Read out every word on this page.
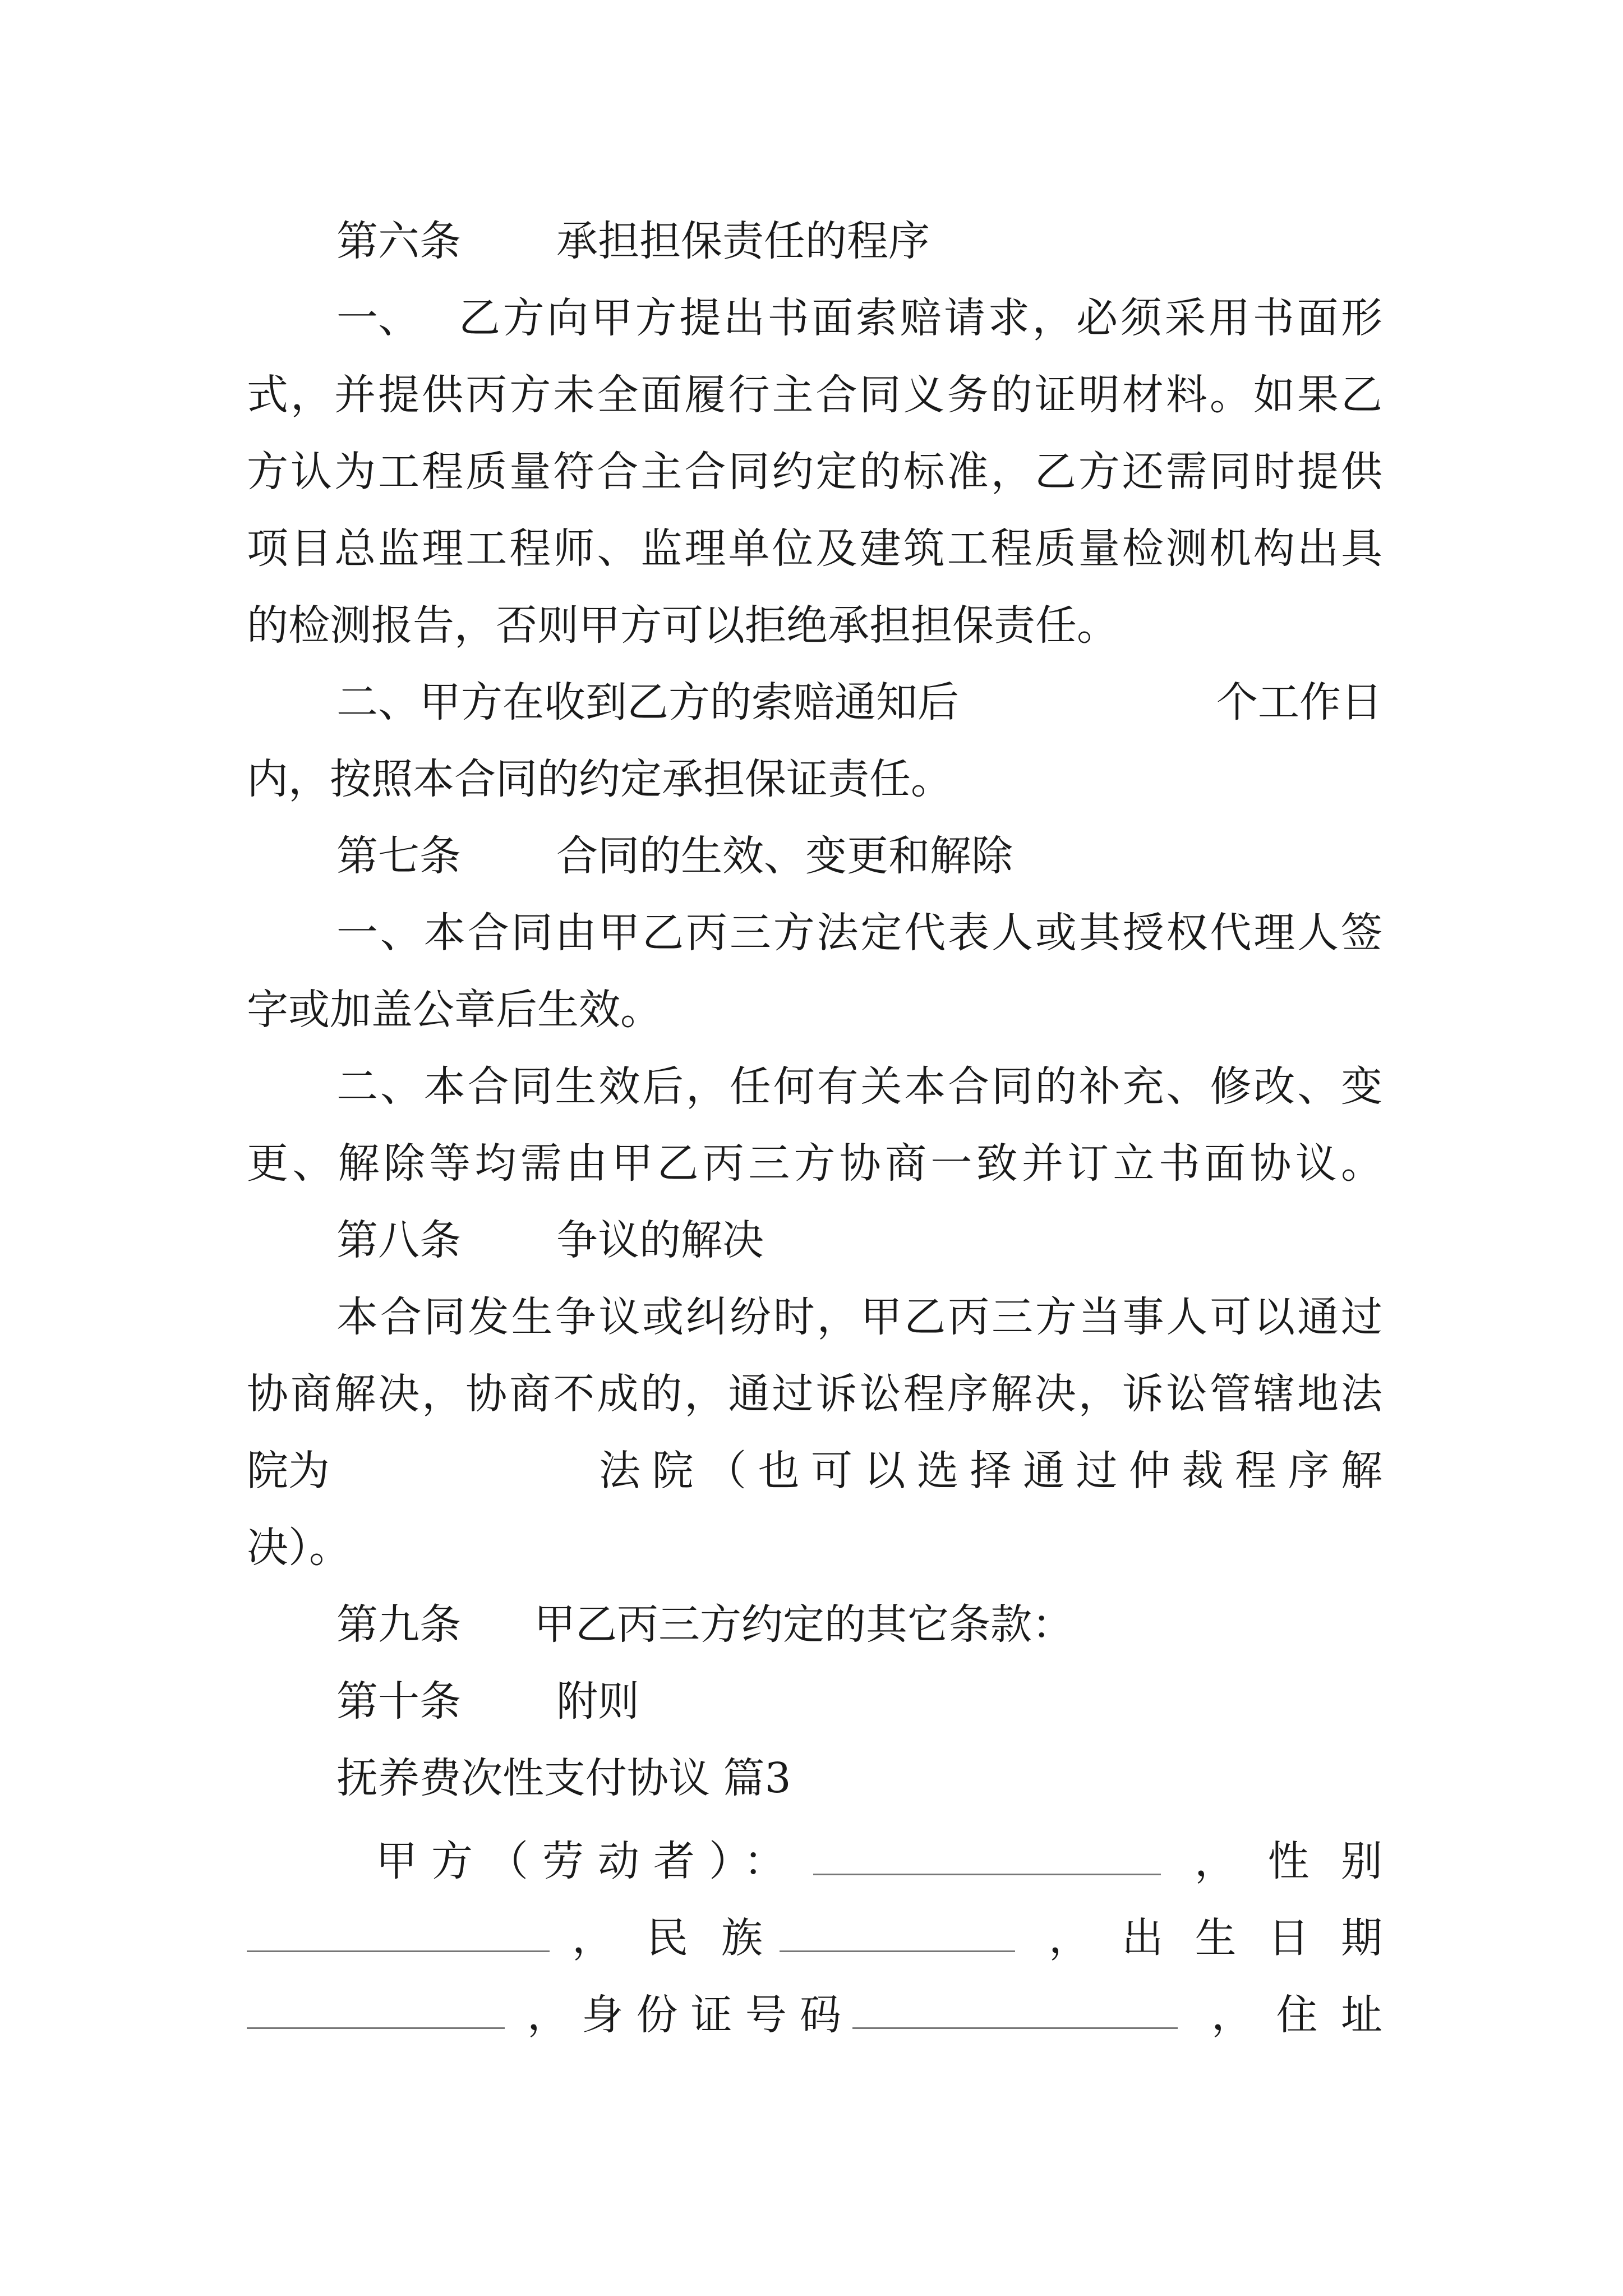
第六条 承担担保责任的程序
一、 乙方向甲方提出书面索赔请求，必须采用书面形
式，并提供丙方未全面履行主合同义务的证明材料。如果乙
方认为工程质量符合主合同约定的标准，乙方还需同时提供
项目总监理工程师、监理单位及建筑工程质量检测机构出具
的检测报告，否则甲方可以拒绝承担担保责任。
二、甲方在收到乙方的索赔通知后	个工作日
内，按照本合同的约定承担保证责任。
第七条 合同的生效、变更和解除
一、本合同由甲乙丙三方法定代表人或其授权代理人签
字或加盖公章后生效。
二、本合同生效后，任何有关本合同的补充、修改、变
更、解除等均需由甲乙丙三方协商一致并订立书面协议。
第八条 争议的解决
本合同发生争议或纠纷时，甲乙丙三方当事人可以通过
协商解决，协商不成的，通过诉讼程序解决，诉讼管辖地法
院为	法院（也可以选择通过仲裁程序解
决）。
第九条 甲乙丙三方约定的其它条款：
第十条 附则
抚养费次性支付协议 篇3
甲方（劳动者）：	，性别
，民族	，出生日期
，身份证号码	，住址
